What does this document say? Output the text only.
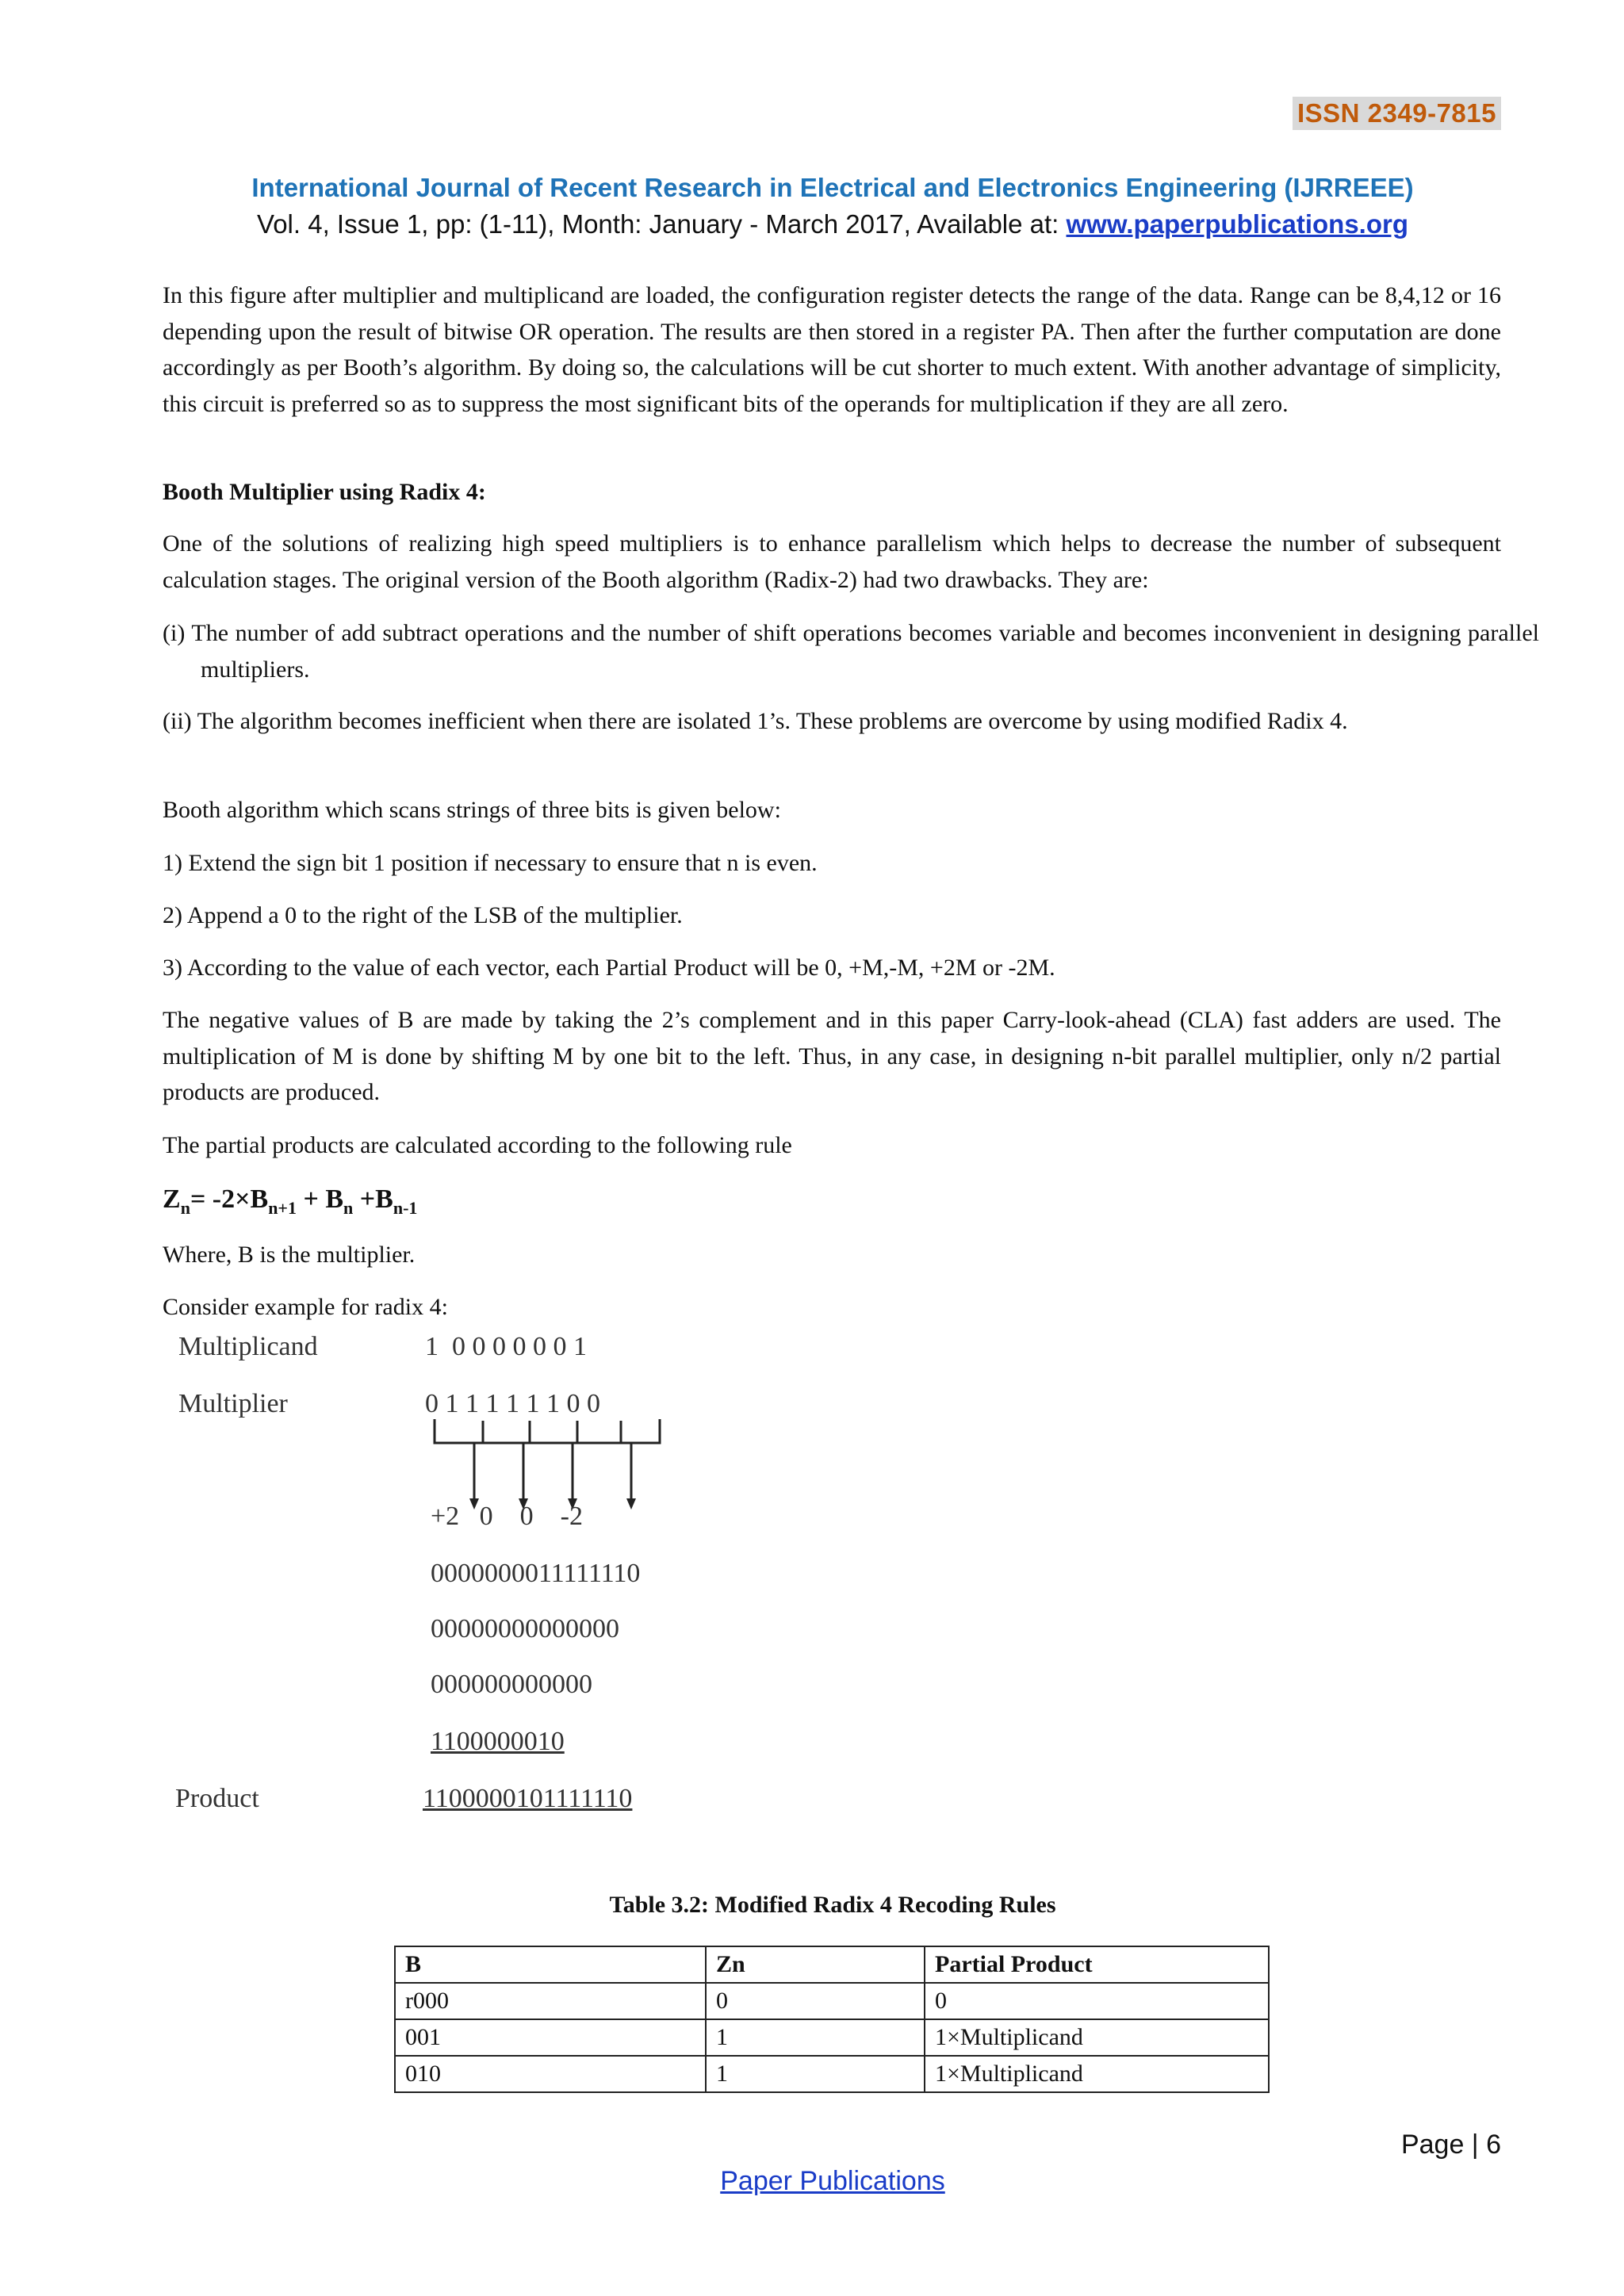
ISSN 2349-7815
International Journal of Recent Research in Electrical and Electronics Engineering (IJRREEE)
Vol. 4, Issue 1, pp: (1-11), Month: January - March 2017, Available at: www.paperpublications.org
In this figure after multiplier and multiplicand are loaded, the configuration register detects the range of the data. Range can be 8,4,12 or 16 depending upon the result of bitwise OR operation. The results are then stored in a register PA. Then after the further computation are done accordingly as per Booth’s algorithm. By doing so, the calculations will be cut shorter to much extent. With another advantage of simplicity, this circuit is preferred so as to suppress the most significant bits of the operands for multiplication if they are all zero.
Booth Multiplier using Radix 4:
One of the solutions of realizing high speed multipliers is to enhance parallelism which helps to decrease the number of subsequent calculation stages. The original version of the Booth algorithm (Radix-2) had two drawbacks. They are:
(i) The number of add subtract operations and the number of shift operations becomes variable and becomes inconvenient in designing parallel multipliers.
(ii) The algorithm becomes inefficient when there are isolated 1’s. These problems are overcome by using modified Radix 4.
Booth algorithm which scans strings of three bits is given below:
1) Extend the sign bit 1 position if necessary to ensure that n is even.
2) Append a 0 to the right of the LSB of the multiplier.
3) According to the value of each vector, each Partial Product will be 0, +M,-M, +2M or -2M.
The negative values of B are made by taking the 2’s complement and in this paper Carry-look-ahead (CLA) fast adders are used. The multiplication of M is done by shifting M by one bit to the left. Thus, in any case, in designing n-bit parallel multiplier, only n/2 partial products are produced.
The partial products are calculated according to the following rule
$Z_n= -2\times B_{n+1} + B_n +B_{n-1}$
Where, B is the multiplier.
Consider example for radix 4:
Multiplicand	1  0 0 0 0 0 0 1
Multiplier	0 1 1 1 1 1 1 0 0
+2   0    0    -2
0000000011111110
00000000000000
000000000000
1100000010
Product	1100000101111110
Table 3.2: Modified Radix 4 Recoding Rules
B	Zn	Partial Product
r000	0	0
001	1	1×Multiplicand
010	1	1×Multiplicand
Page | 6
Paper Publications
